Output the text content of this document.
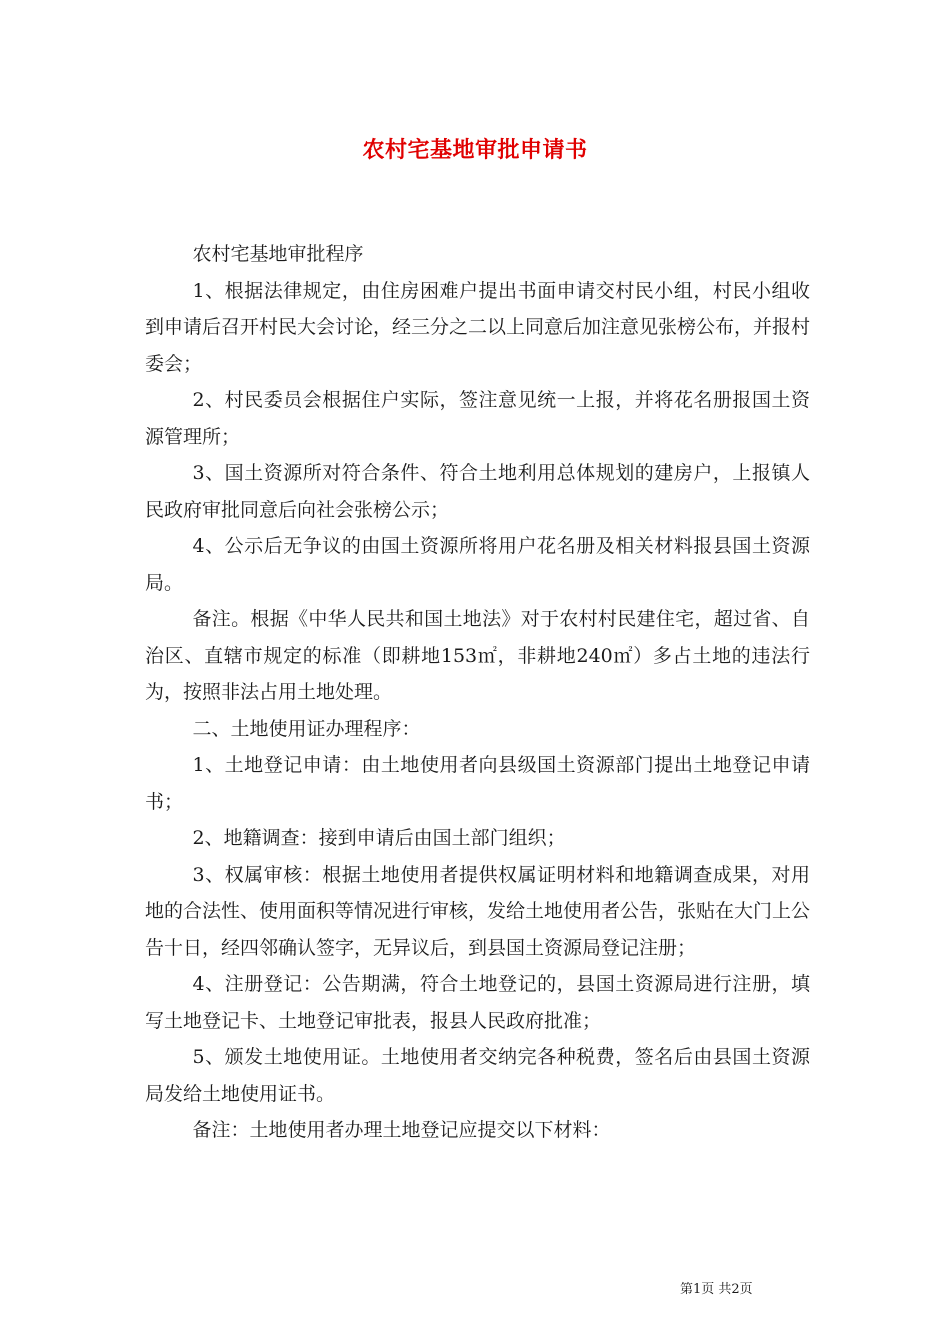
农村宅基地审批申请书

农村宅基地审批程序

1、根据法律规定，由住房困难户提出书面申请交村民小组，村民小组收到申请后召开村民大会讨论，经三分之二以上同意后加注意见张榜公布，并报村委会；

2、村民委员会根据住户实际，签注意见统一上报，并将花名册报国土资源管理所；

3、国土资源所对符合条件、符合土地利用总体规划的建房户，上报镇人民政府审批同意后向社会张榜公示；

4、公示后无争议的由国土资源所将用户花名册及相关材料报县国土资源局。

备注。根据《中华人民共和国土地法》对于农村村民建住宅，超过省、自治区、直辖市规定的标准（即耕地153㎡，非耕地240㎡）多占土地的违法行为，按照非法占用土地处理。

二、土地使用证办理程序：

1、土地登记申请：由土地使用者向县级国土资源部门提出土地登记申请书；

2、地籍调查：接到申请后由国土部门组织；

3、权属审核：根据土地使用者提供权属证明材料和地籍调查成果，对用地的合法性、使用面积等情况进行审核，发给土地使用者公告，张贴在大门上公告十日，经四邻确认签字，无异议后，到县国土资源局登记注册；

4、注册登记：公告期满，符合土地登记的，县国土资源局进行注册，填写土地登记卡、土地登记审批表，报县人民政府批准；

5、颁发土地使用证。土地使用者交纳完各种税费，签名后由县国土资源局发给土地使用证书。

备注：土地使用者办理土地登记应提交以下材料：

第1页 共2页
